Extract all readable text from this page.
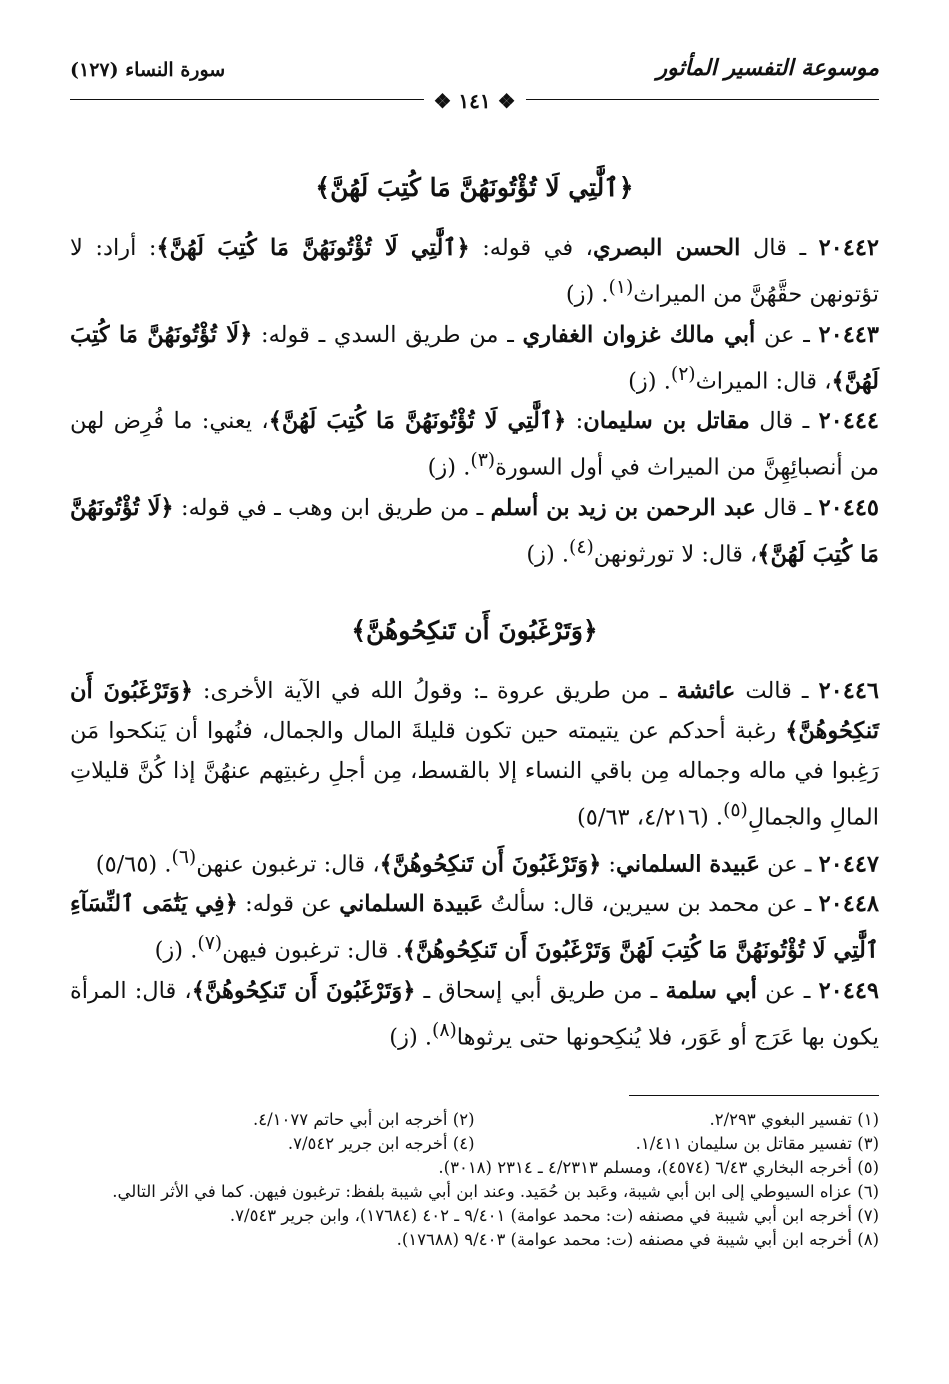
موسوعة التفسير المأثور
سورة النساء (١٢٧)
❖ ١٤١ ❖
﴿ٱلَّٰتِي لَا تُؤْتُونَهُنَّ مَا كُتِبَ لَهُنَّ﴾

٢٠٤٤٢ ـ قال الحسن البصري، في قوله: ﴿ٱلَّٰتِي لَا تُؤْتُونَهُنَّ مَا كُتِبَ لَهُنَّ﴾: أراد: لا تؤتونهن حقَّهُنَّ من الميراث$^{(١)}$. (ز)

٢٠٤٤٣ ـ عن أبي مالك غزوان الغفاري ـ من طريق السدي ـ قوله: ﴿لَا تُؤْتُونَهُنَّ مَا كُتِبَ لَهُنَّ﴾، قال: الميراث$^{(٢)}$. (ز)

٢٠٤٤٤ ـ قال مقاتل بن سليمان: ﴿ٱلَّٰتِي لَا تُؤْتُونَهُنَّ مَا كُتِبَ لَهُنَّ﴾، يعني: ما فُرِض لهن من أنصبائِهِنَّ من الميراث في أول السورة$^{(٣)}$. (ز)

٢٠٤٤٥ ـ قال عبد الرحمن بن زيد بن أسلم ـ من طريق ابن وهب ـ في قوله: ﴿لَا تُؤْتُونَهُنَّ مَا كُتِبَ لَهُنَّ﴾، قال: لا تورثونهن$^{(٤)}$. (ز)

﴿وَتَرْغَبُونَ أَن تَنكِحُوهُنَّ﴾

٢٠٤٤٦ ـ قالت عائشة ـ من طريق عروة ـ: وقولُ الله في الآية الأخرى: ﴿وَتَرْغَبُونَ أَن تَنكِحُوهُنَّ﴾ رغبة أحدكم عن يتيمته حين تكون قليلةَ المال والجمال، فنُهوا أن يَنكحوا مَن رَغِبوا في ماله وجماله مِن باقي النساء إلا بالقسط، مِن أجلِ رغبتِهم عنهُنَّ إذا كُنَّ قليلاتِ المالِ والجمالِ$^{(٥)}$. (٤/٢١٦، ٥/٦٣)

٢٠٤٤٧ ـ عن عَبيدة السلماني: ﴿وَتَرْغَبُونَ أَن تَنكِحُوهُنَّ﴾، قال: ترغبون عنهن$^{(٦)}$. (٥/٦٥)

٢٠٤٤٨ ـ عن محمد بن سيرين، قال: سألتُ عَبيدة السلماني عن قوله: ﴿فِي يَتَٰمَى ٱلنِّسَآءِ ٱلَّٰتِي لَا تُؤْتُونَهُنَّ مَا كُتِبَ لَهُنَّ وَتَرْغَبُونَ أَن تَنكِحُوهُنَّ﴾. قال: ترغبون فيهن$^{(٧)}$. (ز)

٢٠٤٤٩ ـ عن أبي سلمة ـ من طريق أبي إسحاق ـ ﴿وَتَرْغَبُونَ أَن تَنكِحُوهُنَّ﴾، قال: المرأة يكون بها عَرَج أو عَوَر، فلا يُنكِحونها حتى يرثوها$^{(٨)}$. (ز)

(١) تفسير البغوي ٢/٢٩٣.
(٢) أخرجه ابن أبي حاتم ٤/١٠٧٧.
(٣) تفسير مقاتل بن سليمان ١/٤١١.
(٤) أخرجه ابن جرير ٧/٥٤٢.
(٥) أخرجه البخاري ٦/٤٣ (٤٥٧٤)، ومسلم ٤/٢٣١٣ ـ ٢٣١٤ (٣٠١٨).
(٦) عزاه السيوطي إلى ابن أبي شيبة، وعَبد بن حُمَيد. وعند ابن أبي شيبة بلفظ: ترغبون فيهن. كما في الأثر التالي.
(٧) أخرجه ابن أبي شيبة في مصنفه (ت: محمد عوامة) ٩/٤٠١ ـ ٤٠٢ (١٧٦٨٤)، وابن جرير ٧/٥٤٣.
(٨) أخرجه ابن أبي شيبة في مصنفه (ت: محمد عوامة) ٩/٤٠٣ (١٧٦٨٨).
